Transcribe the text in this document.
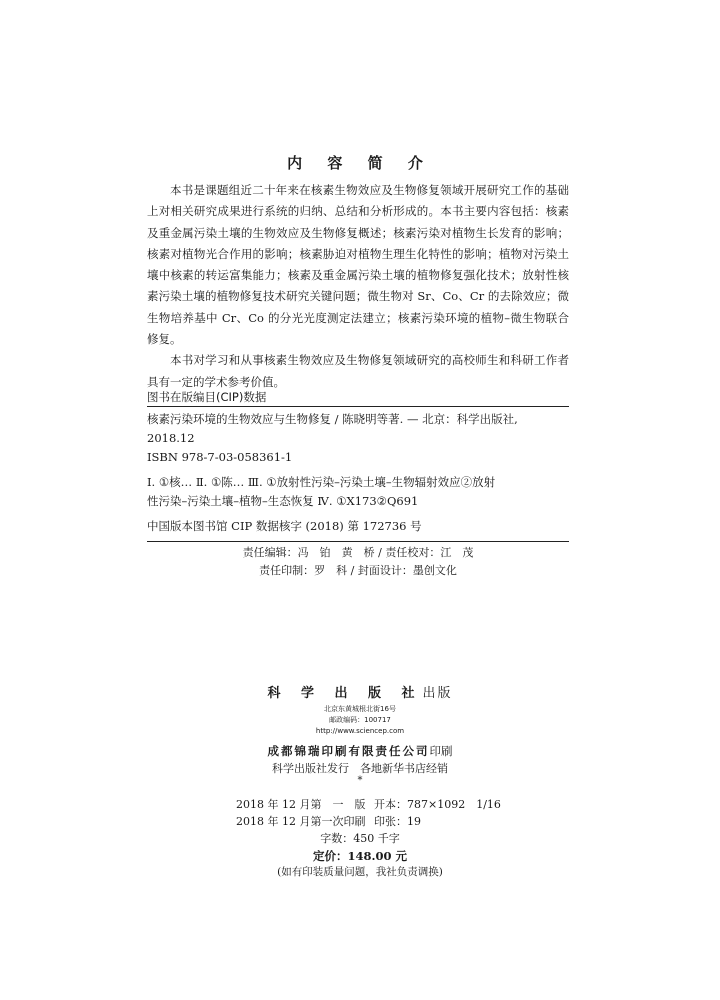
内 容 简 介

本书是课题组近二十年来在核素生物效应及生物修复领域开展研究工作的基础上对相关研究成果进行系统的归纳、总结和分析形成的。本书主要内容包括：核素及重金属污染土壤的生物效应及生物修复概述；核素污染对植物生长发育的影响；核素对植物光合作用的影响；核素胁迫对植物生理生化特性的影响；植物对污染土壤中核素的转运富集能力；核素及重金属污染土壤的植物修复强化技术；放射性核素污染土壤的植物修复技术研究关键问题；微生物对 Sr、Co、Cr 的去除效应；微生物培养基中 Cr、Co 的分光光度测定法建立；核素污染环境的植物–微生物联合修复。

本书对学习和从事核素生物效应及生物修复领域研究的高校师生和科研工作者具有一定的学术参考价值。

图书在版编目(CIP)数据
核素污染环境的生物效应与生物修复 / 陈晓明等著. — 北京：科学出版社,
2018.12
ISBN 978-7-03-058361-1
Ⅰ. ①核… Ⅱ. ①陈… Ⅲ. ①放射性污染–污染土壤–生物辐射效应②放射
性污染–污染土壤–植物–生态恢复 Ⅳ. ①X173②Q691
中国版本图书馆 CIP 数据核字 (2018) 第 172736 号
责任编辑：冯　铂　黄　桥 / 责任校对：江　茂
责任印制：罗　科 / 封面设计：墨创文化
科 学 出 版 社出版
北京东黄城根北街16号
邮政编码：100717
http://www.sciencep.com
成都锦瑞印刷有限责任公司印刷
科学出版社发行　各地新华书店经销
*
2018 年 12 月第　一　版 开本：787×1092　1/16
2018 年 12 月第一次印刷 印张：19
字数：450 千字
定价：148.00 元
(如有印装质量问题，我社负责调换)
